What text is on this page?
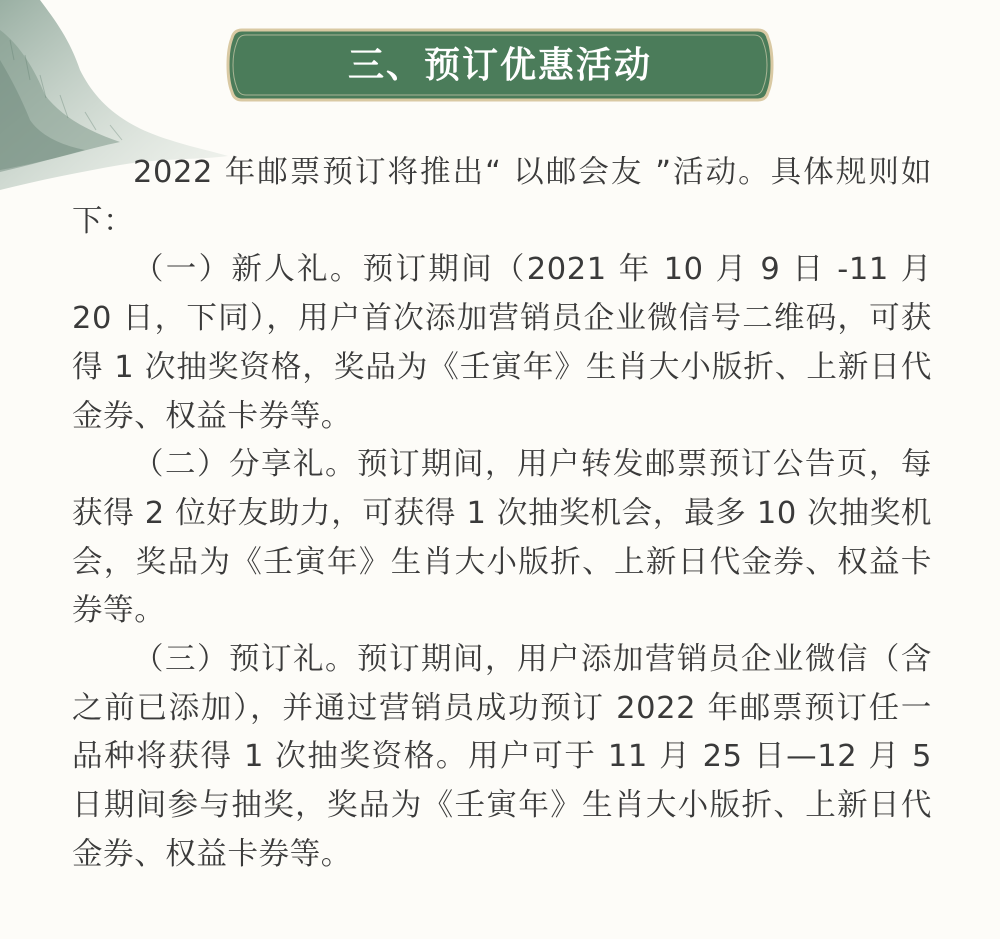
三、预订优惠活动

2022 年邮票预订将推出“ 以邮会友 ”活动。具体规则如下：

（一）新人礼。预订期间（2021 年 10 月 9 日 -11 月 20 日，下同），用户首次添加营销员企业微信号二维码，可获得 1 次抽奖资格，奖品为《壬寅年》生肖大小版折、上新日代金券、权益卡券等。

（二）分享礼。预订期间，用户转发邮票预订公告页，每获得 2 位好友助力，可获得 1 次抽奖机会，最多 10 次抽奖机会，奖品为《壬寅年》生肖大小版折、上新日代金券、权益卡券等。

（三）预订礼。预订期间，用户添加营销员企业微信（含之前已添加），并通过营销员成功预订 2022 年邮票预订任一品种将获得 1 次抽奖资格。用户可于 11 月 25 日—12 月 5 日期间参与抽奖，奖品为《壬寅年》生肖大小版折、上新日代金券、权益卡券等。
